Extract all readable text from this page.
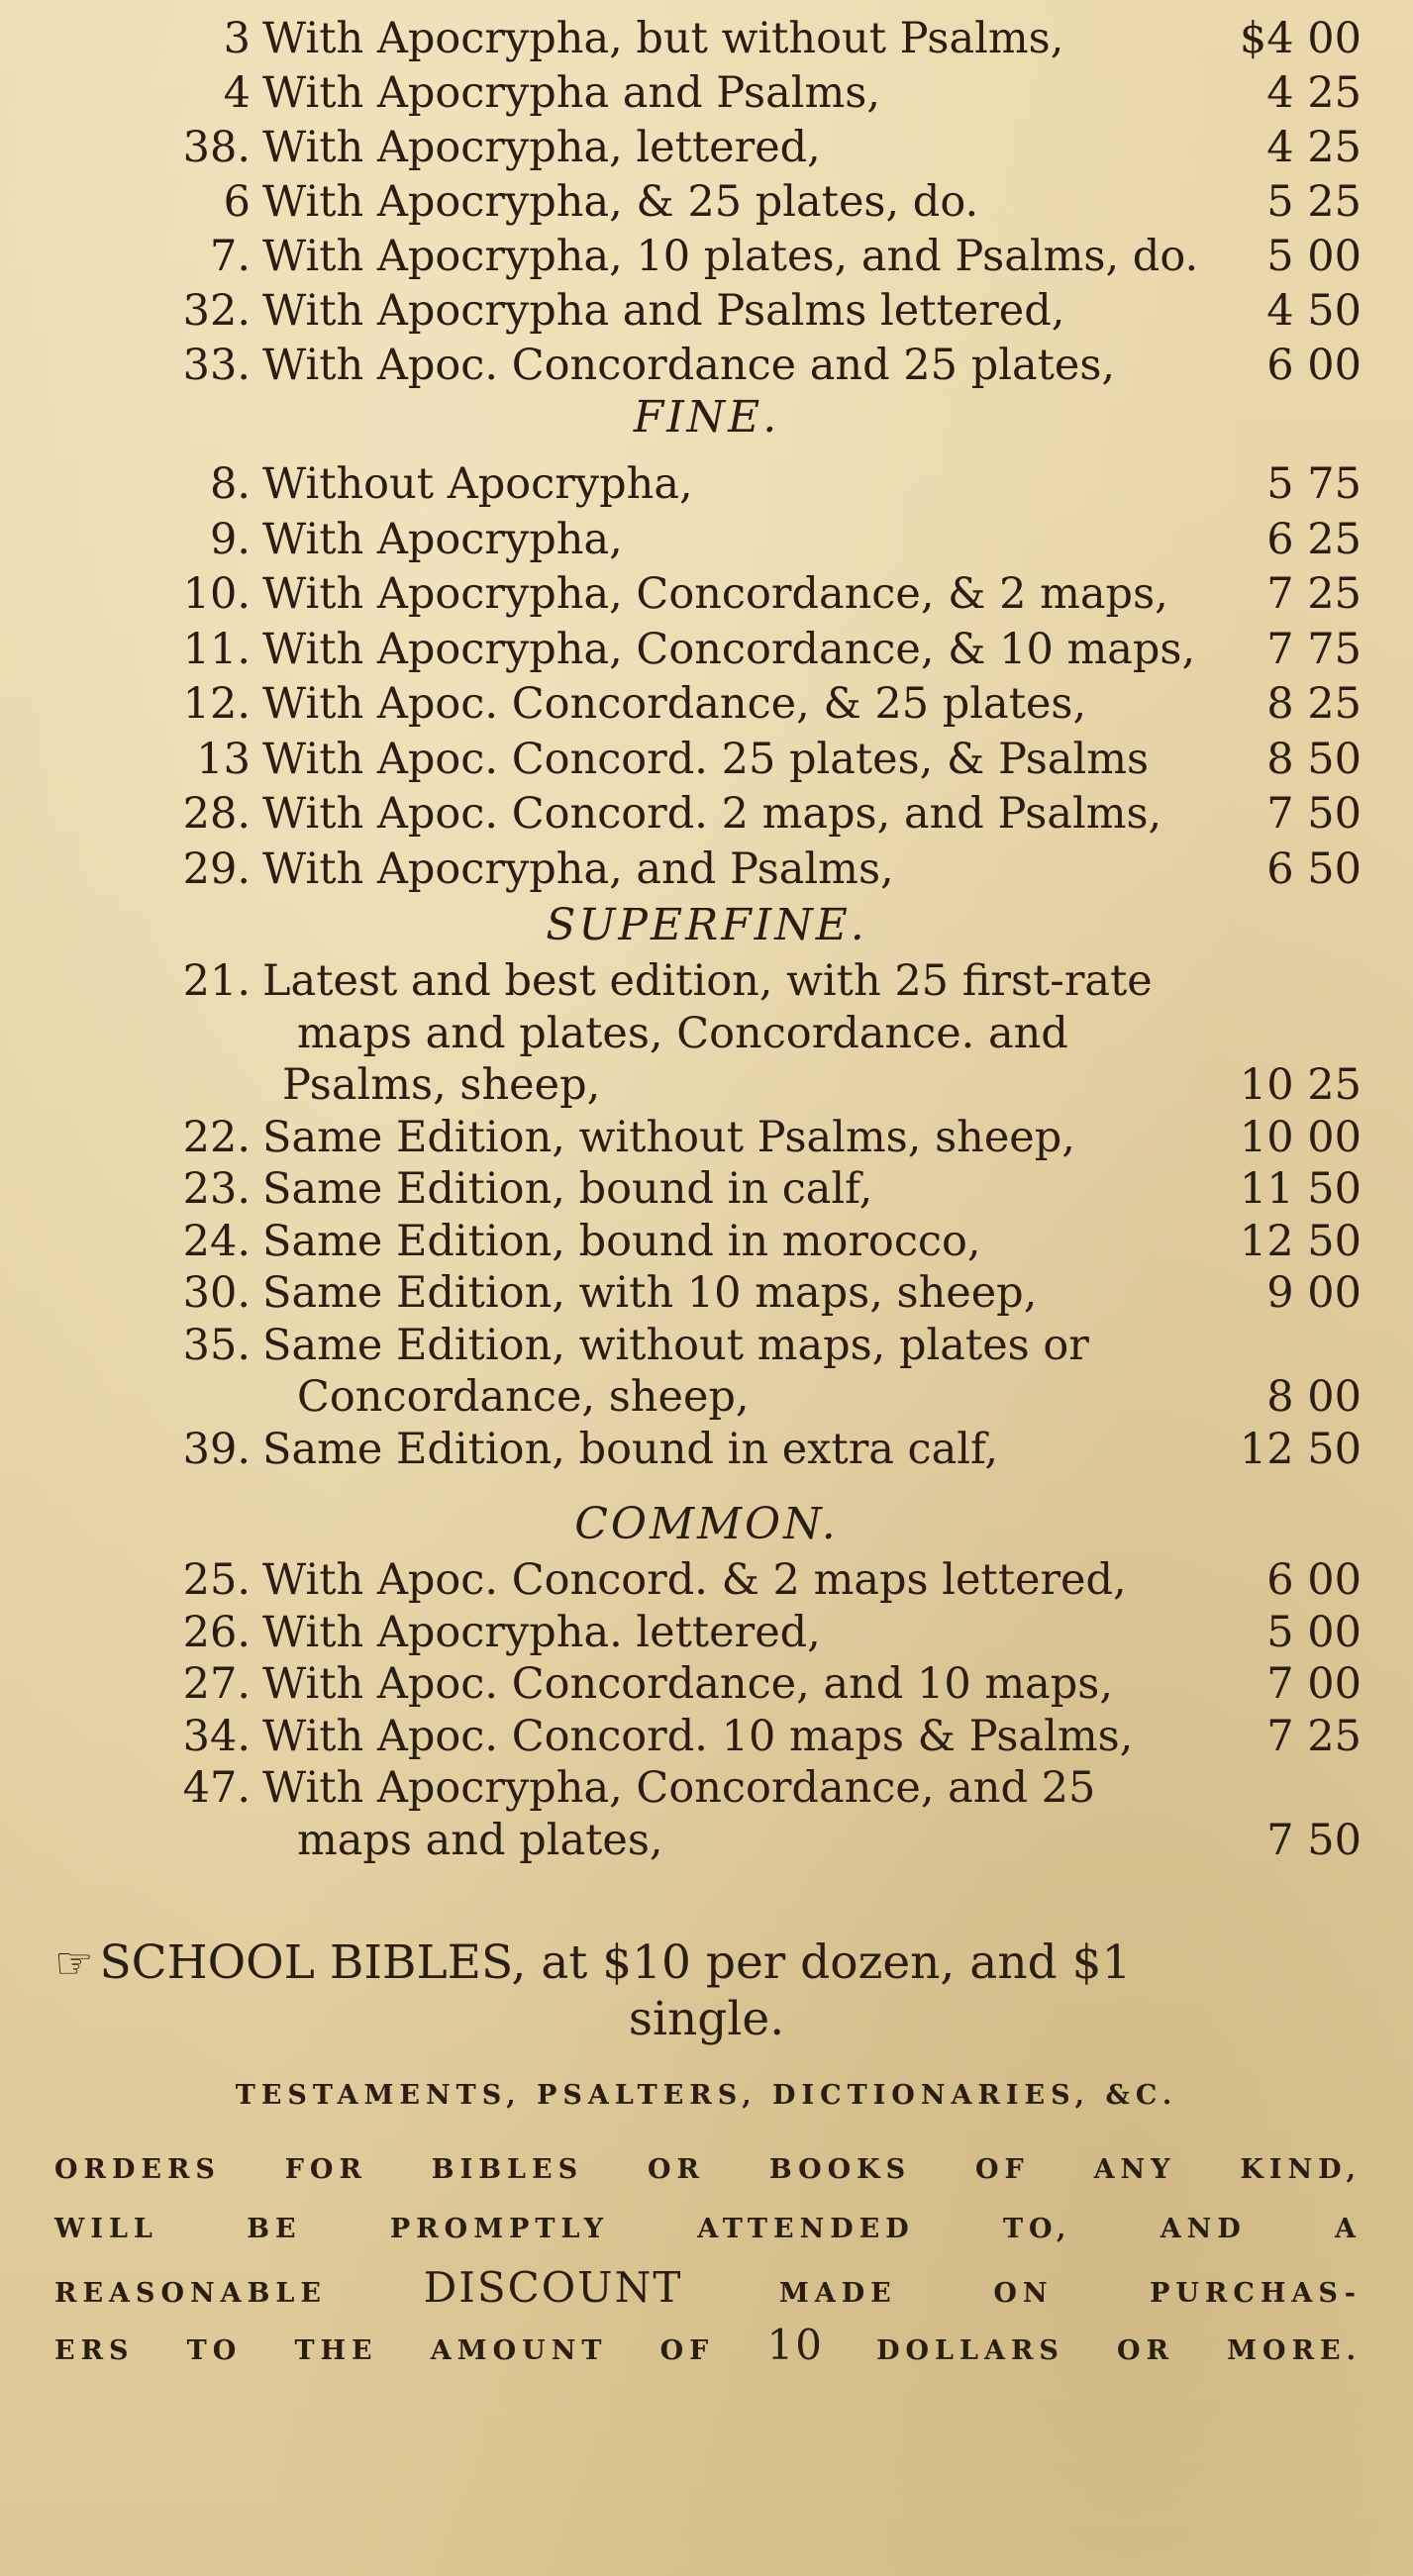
3 With Apocrypha, but without Psalms,	$4 00
4 With Apocrypha and Psalms,	4 25
38. With Apocrypha, lettered,	4 25
6 With Apocrypha, & 25 plates, do.	5 25
7. With Apocrypha, 10 plates, and Psalms, do. 5 00
32. With Apocrypha and Psalms lettered,	4 50
33. With Apoc. Concordance and 25 plates,	6 00
FINE.
8. Without Apocrypha,	5 75
9. With Apocrypha,	6 25
10. With Apocrypha, Concordance, & 2 maps, 7 25
11. With Apocrypha, Concordance, & 10 maps, 7 75
12. With Apoc. Concordance, & 25 plates,	8 25
13 With Apoc. Concord. 25 plates, & Psalms	8 50
28. With Apoc. Concord. 2 maps, and Psalms, 7 50
29. With Apocrypha, and Psalms,	6 50
SUPERFINE.
21. Latest and best edition, with 25 first-rate
maps and plates, Concordance. and
Psalms, sheep,	10 25
22. Same Edition, without Psalms, sheep,	10 00
23. Same Edition, bound in calf,	11 50
24. Same Edition, bound in morocco,	12 50
30. Same Edition, with 10 maps, sheep,	9 00
35. Same Edition, without maps, plates or
Concordance, sheep,	8 00
39. Same Edition, bound in extra calf,	12 50
COMMON.
25. With Apoc. Concord. & 2 maps lettered,	6 00
26. With Apocrypha. lettered,	5 00
27. With Apoc. Concordance, and 10 maps,	7 00
34. With Apoc. Concord. 10 maps & Psalms,	7 25
47. With Apocrypha, Concordance, and 25
maps and plates,	7 50
☞ SCHOOL BIBLES, at $10 per dozen, and $1
single.
TESTAMENTS, PSALTERS, DICTIONARIES, &C.
ORDERS FOR BIBLES OR BOOKS OF ANY KIND,
WILL BE PROMPTLY ATTENDED TO, AND A
REASONABLE DISCOUNT	MADE ON PURCHAS-
ERS TO THE AMOUNT OF 10 DOLLARS OR MORE.
